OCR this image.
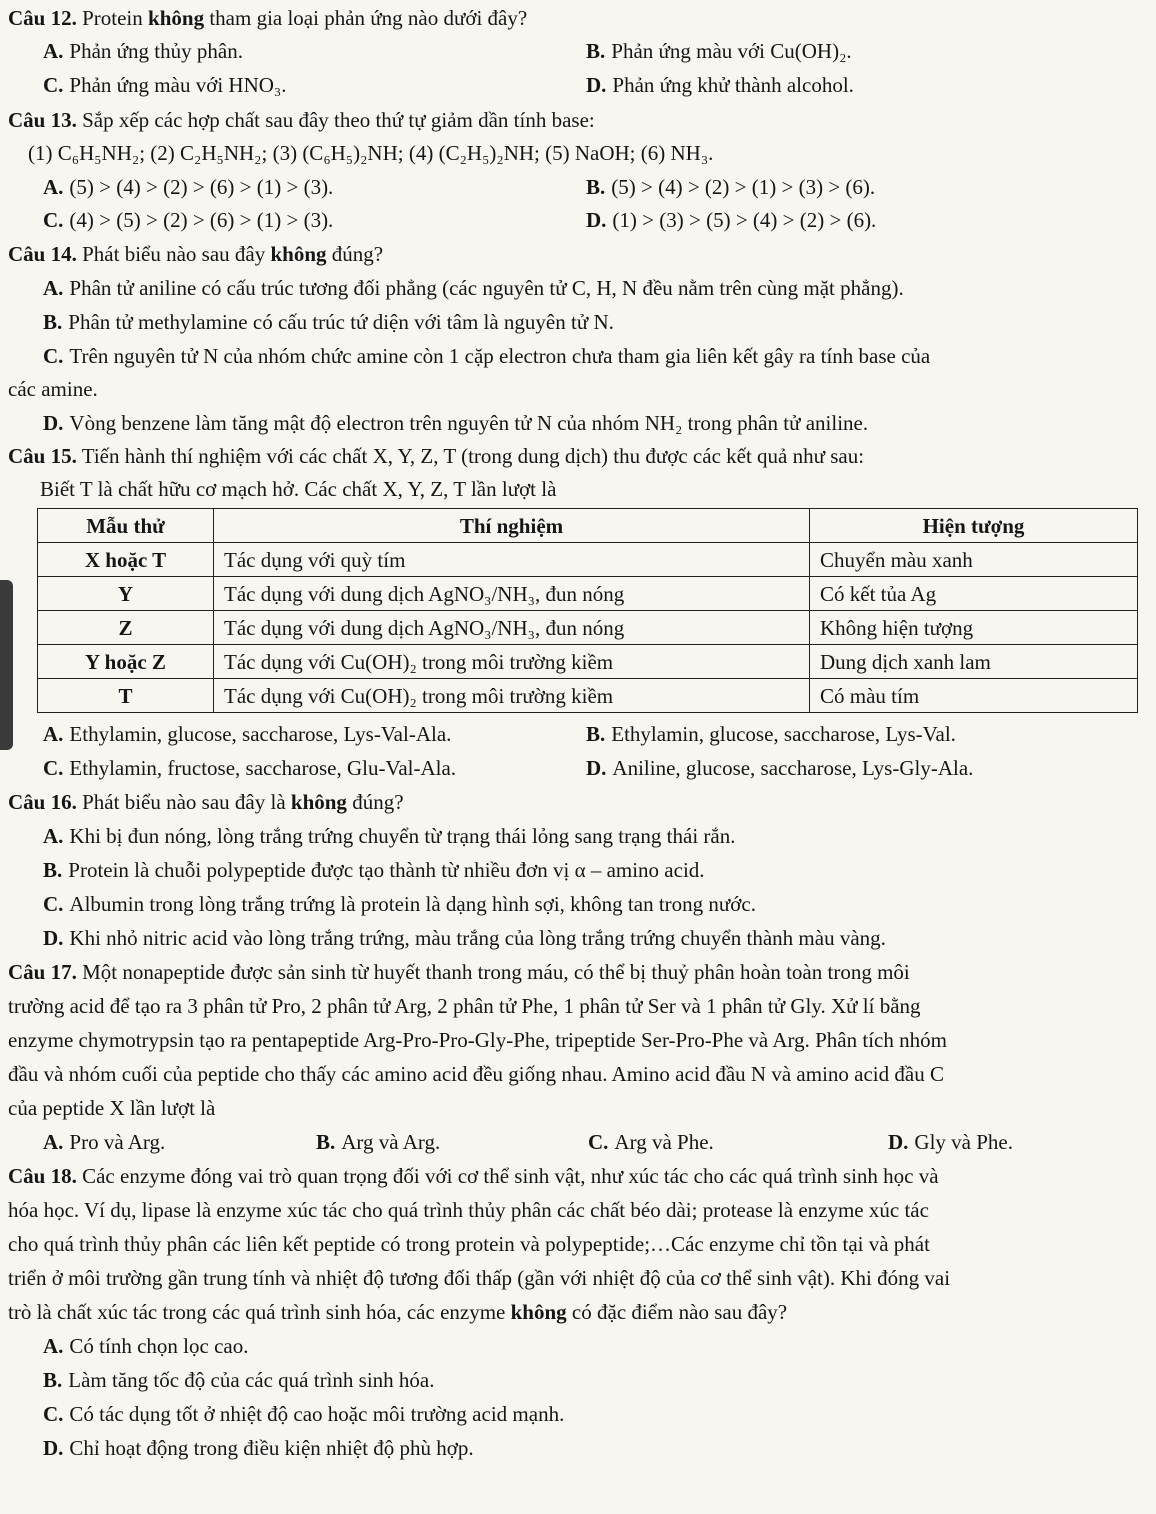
Câu 12. Protein không tham gia loại phản ứng nào dưới đây?
A. Phản ứng thủy phân.	B. Phản ứng màu với Cu(OH)₂.
C. Phản ứng màu với HNO₃.	D. Phản ứng khử thành alcohol.
Câu 13. Sắp xếp các hợp chất sau đây theo thứ tự giảm dần tính base:
(1) C₆H₅NH₂; (2) C₂H₅NH₂; (3) (C₆H₅)₂NH; (4) (C₂H₅)₂NH; (5) NaOH; (6) NH₃.
A. (5) > (4) > (2) > (6) > (1) > (3).	B. (5) > (4) > (2) > (1) > (3) > (6).
C. (4) > (5) > (2) > (6) > (1) > (3).	D. (1) > (3) > (5) > (4) > (2) > (6).
Câu 14. Phát biểu nào sau đây không đúng?
A. Phân tử aniline có cấu trúc tương đối phẳng (các nguyên tử C, H, N đều nằm trên cùng mặt phẳng).
B. Phân tử methylamine có cấu trúc tứ diện với tâm là nguyên tử N.
C. Trên nguyên tử N của nhóm chức amine còn 1 cặp electron chưa tham gia liên kết gây ra tính base của
các amine.
D. Vòng benzene làm tăng mật độ electron trên nguyên tử N của nhóm NH₂ trong phân tử aniline.
Câu 15. Tiến hành thí nghiệm với các chất X, Y, Z, T (trong dung dịch) thu được các kết quả như sau:
Biết T là chất hữu cơ mạch hở. Các chất X, Y, Z, T lần lượt là
Mẫu thử	Thí nghiệm	Hiện tượng
X hoặc T	Tác dụng với quỳ tím	Chuyển màu xanh
Y	Tác dụng với dung dịch AgNO₃/NH₃, đun nóng	Có kết tủa Ag
Z	Tác dụng với dung dịch AgNO₃/NH₃, đun nóng	Không hiện tượng
Y hoặc Z	Tác dụng với Cu(OH)₂ trong môi trường kiềm	Dung dịch xanh lam
T	Tác dụng với Cu(OH)₂ trong môi trường kiềm	Có màu tím
A. Ethylamin, glucose, saccharose, Lys-Val-Ala.	B. Ethylamin, glucose, saccharose, Lys-Val.
C. Ethylamin, fructose, saccharose, Glu-Val-Ala.	D. Aniline, glucose, saccharose, Lys-Gly-Ala.
Câu 16. Phát biểu nào sau đây là không đúng?
A. Khi bị đun nóng, lòng trắng trứng chuyển từ trạng thái lỏng sang trạng thái rắn.
B. Protein là chuỗi polypeptide được tạo thành từ nhiều đơn vị α – amino acid.
C. Albumin trong lòng trắng trứng là protein là dạng hình sợi, không tan trong nước.
D. Khi nhỏ nitric acid vào lòng trắng trứng, màu trắng của lòng trắng trứng chuyển thành màu vàng.
Câu 17. Một nonapeptide được sản sinh từ huyết thanh trong máu, có thể bị thuỷ phân hoàn toàn trong môi
trường acid để tạo ra 3 phân tử Pro, 2 phân tử Arg, 2 phân tử Phe, 1 phân tử Ser và 1 phân tử Gly. Xử lí bằng
enzyme chymotrypsin tạo ra pentapeptide Arg-Pro-Pro-Gly-Phe, tripeptide Ser-Pro-Phe và Arg. Phân tích nhóm
đầu và nhóm cuối của peptide cho thấy các amino acid đều giống nhau. Amino acid đầu N và amino acid đầu C
của peptide X lần lượt là
A. Pro và Arg.	B. Arg và Arg.	C. Arg và Phe.	D. Gly và Phe.
Câu 18. Các enzyme đóng vai trò quan trọng đối với cơ thể sinh vật, như xúc tác cho các quá trình sinh học và
hóa học. Ví dụ, lipase là enzyme xúc tác cho quá trình thủy phân các chất béo dài; protease là enzyme xúc tác
cho quá trình thủy phân các liên kết peptide có trong protein và polypeptide;…Các enzyme chỉ tồn tại và phát
triển ở môi trường gần trung tính và nhiệt độ tương đối thấp (gần với nhiệt độ của cơ thể sinh vật). Khi đóng vai
trò là chất xúc tác trong các quá trình sinh hóa, các enzyme không có đặc điểm nào sau đây?
A. Có tính chọn lọc cao.
B. Làm tăng tốc độ của các quá trình sinh hóa.
C. Có tác dụng tốt ở nhiệt độ cao hoặc môi trường acid mạnh.
D. Chỉ hoạt động trong điều kiện nhiệt độ phù hợp.
